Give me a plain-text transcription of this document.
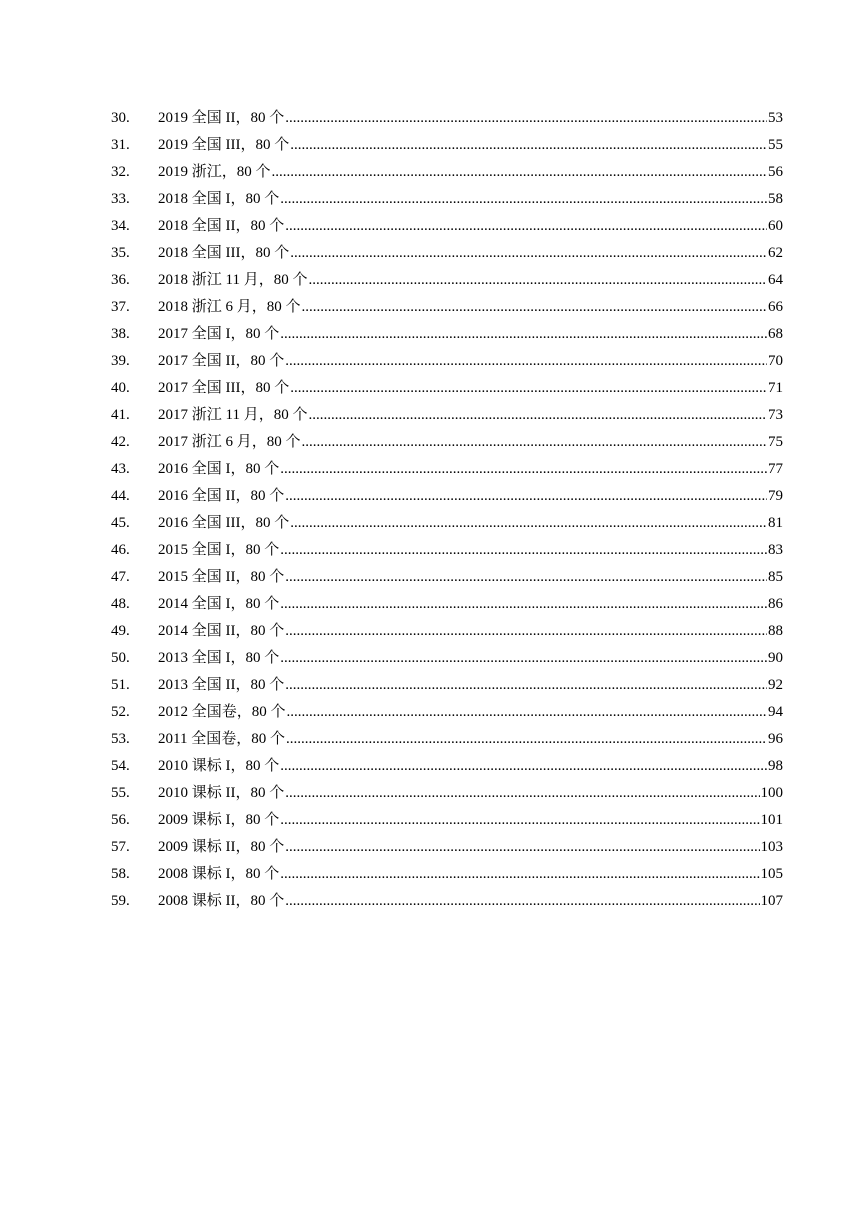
30.	2019 全国 II，80 个 .....	53
31.	2019 全国 III，80 个 .....	55
32.	2019 浙江，80 个 .....	56
33.	2018 全国 I，80 个 .....	58
34.	2018 全国 II，80 个 .....	60
35.	2018 全国 III，80 个 .....	62
36.	2018 浙江 11 月，80 个 .....	64
37.	2018 浙江 6 月，80 个 .....	66
38.	2017 全国 I，80 个 .....	68
39.	2017 全国 II，80 个 .....	70
40.	2017 全国 III，80 个 .....	71
41.	2017 浙江 11 月，80 个 .....	73
42.	2017 浙江 6 月，80 个 .....	75
43.	2016 全国 I，80 个 .....	77
44.	2016 全国 II，80 个 .....	79
45.	2016 全国 III，80 个 .....	81
46.	2015 全国 I，80 个 .....	83
47.	2015 全国 II，80 个 .....	85
48.	2014 全国 I，80 个 .....	86
49.	2014 全国 II，80 个 .....	88
50.	2013 全国 I，80 个 .....	90
51.	2013 全国 II，80 个 .....	92
52.	2012 全国卷，80 个 .....	94
53.	2011 全国卷，80 个 .....	96
54.	2010 课标 I，80 个 .....	98
55.	2010 课标 II，80 个 .....	100
56.	2009 课标 I，80 个 .....	101
57.	2009 课标 II，80 个 .....	103
58.	2008 课标 I，80 个 .....	105
59.	2008 课标 II，80 个 .....	107
